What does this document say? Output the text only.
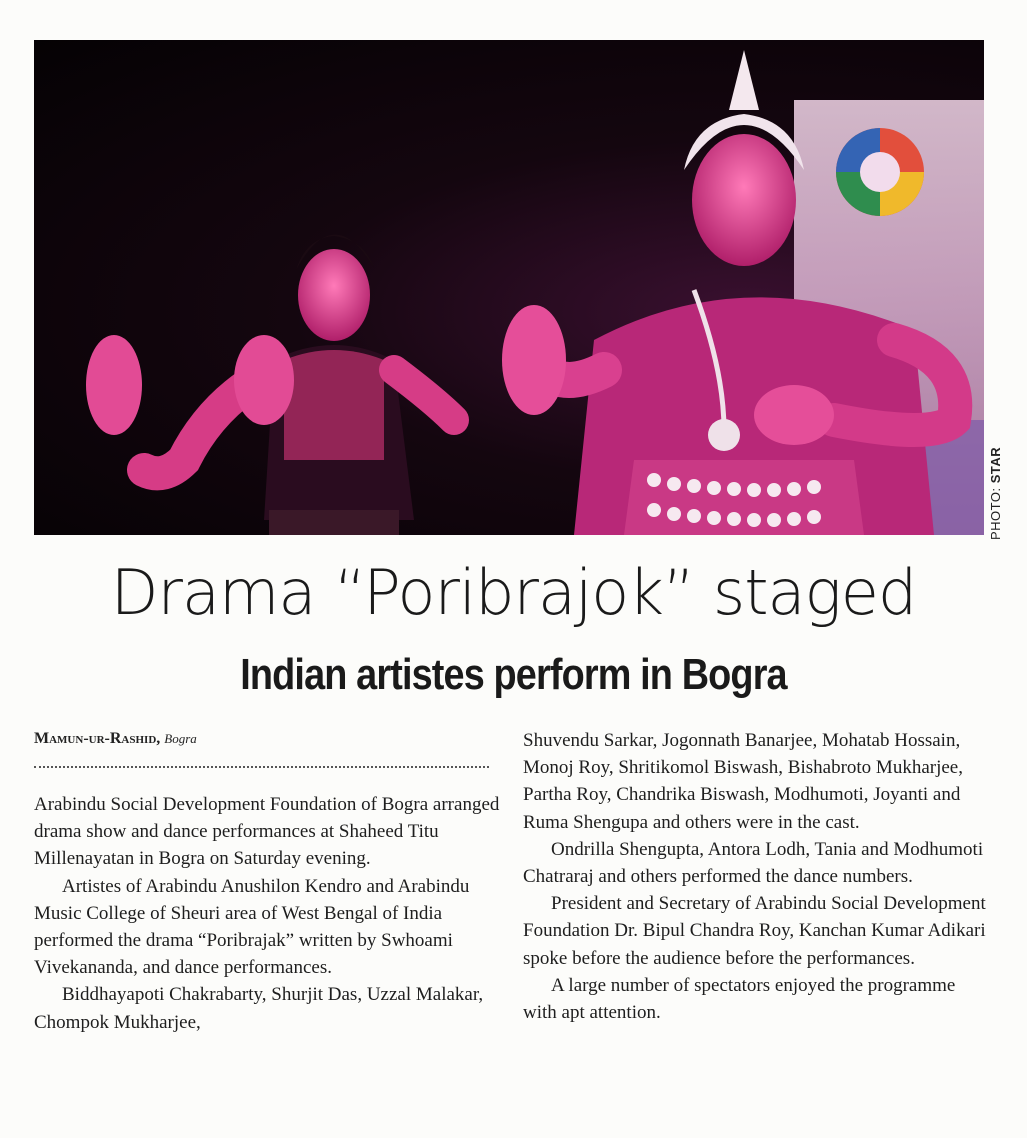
PHOTO: STAR
Drama “Poribrajok” staged
Indian artistes perform in Bogra
Mamun-ur-Rashid, Bogra

Arabindu Social Development Foundation of Bogra arranged drama show and dance performances at Shaheed Titu Millenayatan in Bogra on Saturday evening.

Artistes of Arabindu Anushilon Kendro and Arabindu Music College of Sheuri area of West Bengal of India performed the drama “Poribrajak” written by Swhoami Vivekananda, and dance performances.

Biddhayapoti Chakrabarty, Shurjit Das, Uzzal Malakar, Chompok Mukharjee,

Shuvendu Sarkar, Jogonnath Banarjee, Mohatab Hossain, Monoj Roy, Shritikomol Biswash, Bishabroto Mukharjee, Partha Roy, Chandrika Biswash, Modhumoti, Joyanti and Ruma Shengupa and others were in the cast.

Ondrilla Shengupta, Antora Lodh, Tania and Modhumoti Chatraraj and others performed the dance numbers.

President and Secretary of Arabindu Social Development Foundation Dr. Bipul Chandra Roy, Kanchan Kumar Adikari spoke before the audience before the performances.

A large number of spectators enjoyed the programme with apt attention.
